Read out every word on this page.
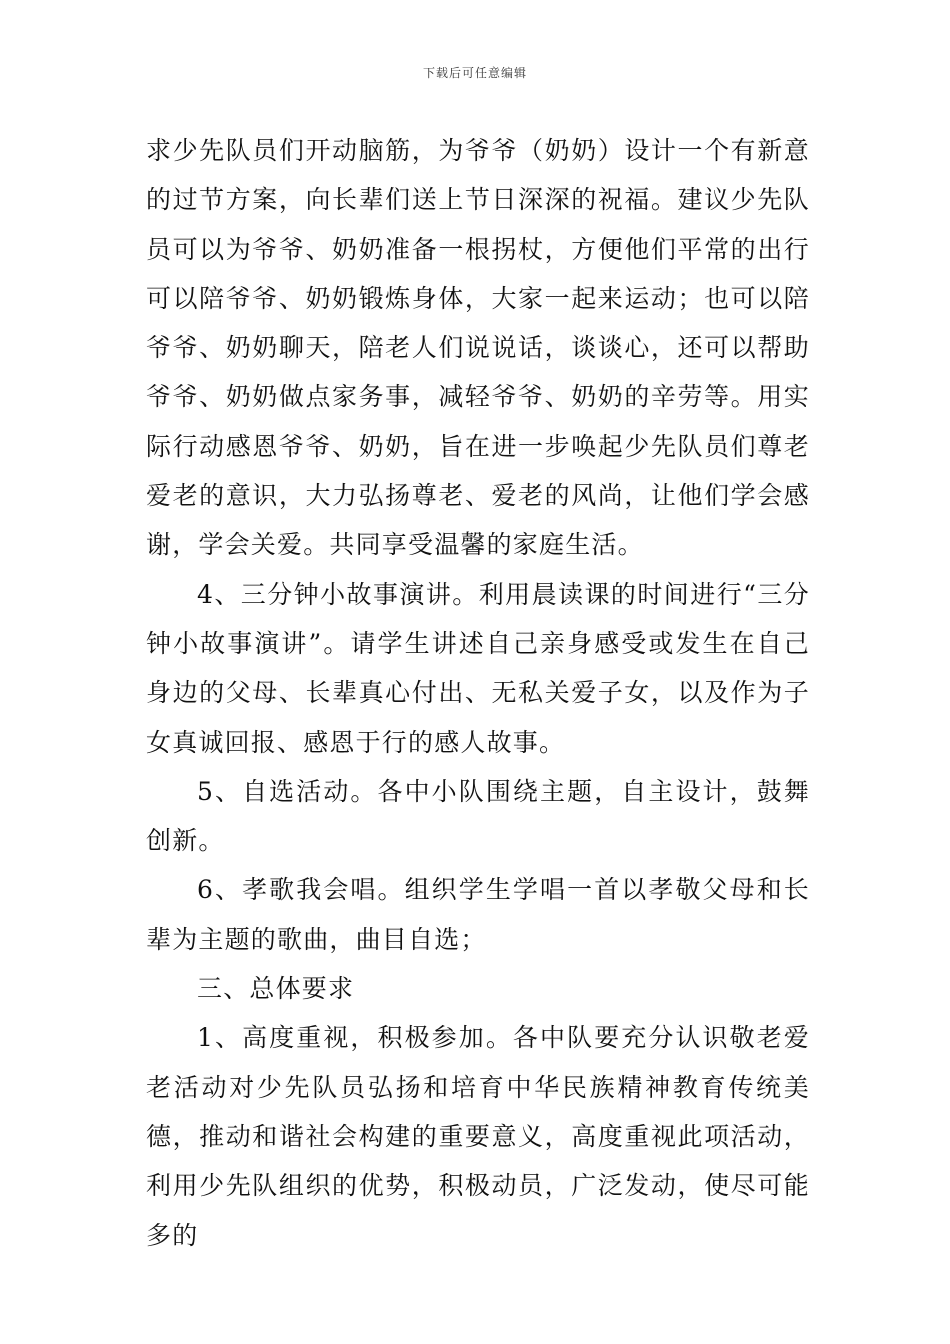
下载后可任意编辑

求少先队员们开动脑筋，为爷爷（奶奶）设计一个有新意的过节方案，向长辈们送上节日深深的祝福。建议少先队员可以为爷爷、奶奶准备一根拐杖，方便他们平常的出行可以陪爷爷、奶奶锻炼身体，大家一起来运动；也可以陪爷爷、奶奶聊天，陪老人们说说话，谈谈心，还可以帮助爷爷、奶奶做点家务事，减轻爷爷、奶奶的辛劳等。用实际行动感恩爷爷、奶奶，旨在进一步唤起少先队员们尊老爱老的意识，大力弘扬尊老、爱老的风尚，让他们学会感谢，学会关爱。共同享受温馨的家庭生活。

4、三分钟小故事演讲。利用晨读课的时间进行“三分钟小故事演讲”。请学生讲述自己亲身感受或发生在自己身边的父母、长辈真心付出、无私关爱子女，以及作为子女真诚回报、感恩于行的感人故事。

5、自选活动。各中小队围绕主题，自主设计，鼓舞创新。

6、孝歌我会唱。组织学生学唱一首以孝敬父母和长辈为主题的歌曲，曲目自选；

三、总体要求

1、高度重视，积极参加。各中队要充分认识敬老爱老活动对少先队员弘扬和培育中华民族精神教育传统美德，推动和谐社会构建的重要意义，高度重视此项活动，利用少先队组织的优势，积极动员，广泛发动，使尽可能多的
